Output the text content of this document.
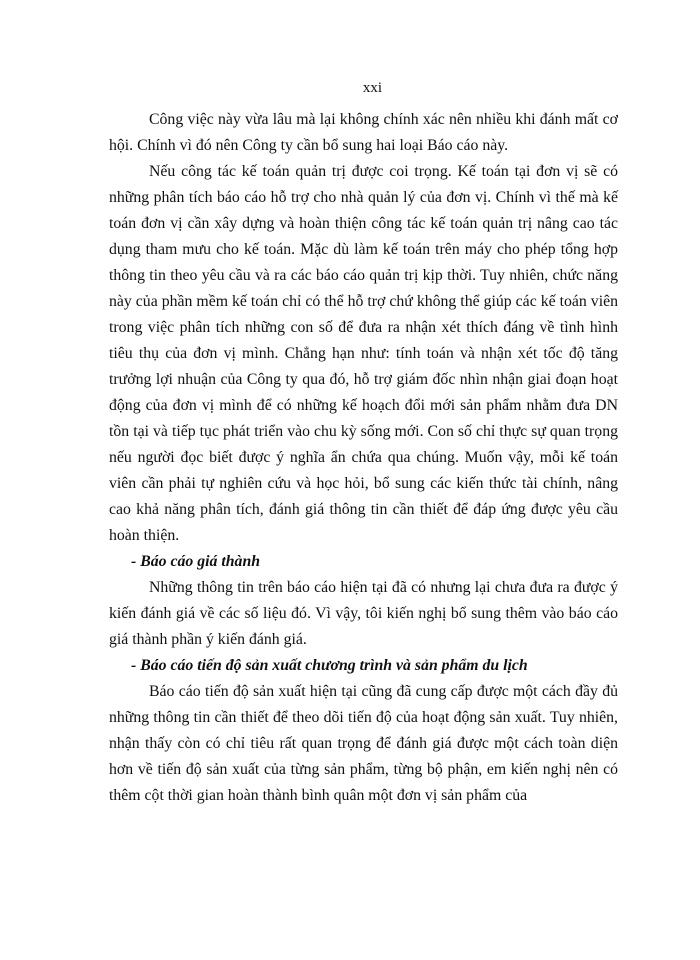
xxi

Công việc này vừa lâu mà lại không chính xác nên nhiều khi đánh mất cơ hội. Chính vì đó nên Công ty cần bổ sung hai loại Báo cáo này.

Nếu công tác kế toán quản trị được coi trọng. Kế toán tại đơn vị sẽ có những phân tích báo cáo hỗ trợ cho nhà quản lý của đơn vị. Chính vì thế mà kế toán đơn vị cần xây dựng và hoàn thiện công tác kế toán quản trị nâng cao tác dụng tham mưu cho kế toán. Mặc dù làm kế toán trên máy cho phép tổng hợp thông tin theo yêu cầu và ra các báo cáo quản trị kịp thời. Tuy nhiên, chức năng này của phần mềm kế toán chỉ có thể hỗ trợ chứ không thể giúp các kế toán viên trong việc phân tích những con số để đưa ra nhận xét thích đáng về tình hình tiêu thụ của đơn vị mình. Chẳng hạn như: tính toán và nhận xét tốc độ tăng trưởng lợi nhuận của Công ty qua đó, hỗ trợ giám đốc nhìn nhận giai đoạn hoạt động của đơn vị mình để có những kế hoạch đổi mới sản phẩm nhằm đưa DN tồn tại và tiếp tục phát triển vào chu kỳ sống mới. Con số chỉ thực sự quan trọng nếu người đọc biết được ý nghĩa ẩn chứa qua chúng. Muốn vậy, mỗi kế toán viên cần phải tự nghiên cứu và học hỏi, bổ sung các kiến thức tài chính, nâng cao khả năng phân tích, đánh giá thông tin cần thiết để đáp ứng được yêu cầu hoàn thiện.

- Báo cáo giá thành

Những thông tin trên báo cáo hiện tại đã có nhưng lại chưa đưa ra được ý kiến đánh giá về các số liệu đó. Vì vậy, tôi kiến nghị bổ sung thêm vào báo cáo giá thành phần ý kiến đánh giá.

- Báo cáo tiến độ sản xuất chương trình và sản phẩm du lịch

Báo cáo tiến độ sản xuất hiện tại cũng đã cung cấp được một cách đầy đủ những thông tin cần thiết để theo dõi tiến độ của hoạt động sản xuất. Tuy nhiên, nhận thấy còn có chỉ tiêu rất quan trọng để đánh giá được một cách toàn diện hơn về tiến độ sản xuất của từng sản phẩm, từng bộ phận, em kiến nghị nên có thêm cột thời gian hoàn thành bình quân một đơn vị sản phẩm của
